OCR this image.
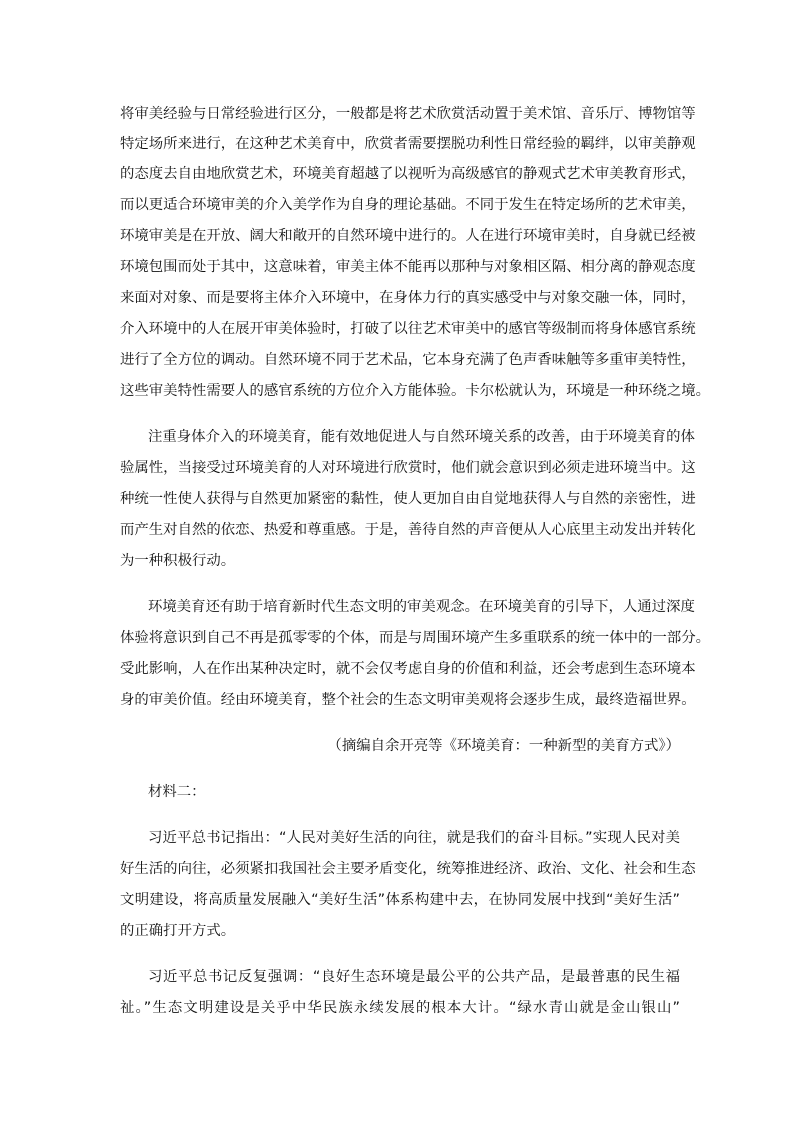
将审美经验与日常经验进行区分，一般都是将艺术欣赏活动置于美术馆、音乐厅、博物馆等
特定场所来进行，在这种艺术美育中，欣赏者需要摆脱功利性日常经验的羁绊，以审美静观
的态度去自由地欣赏艺术，环境美育超越了以视听为高级感官的静观式艺术审美教育形式，
而以更适合环境审美的介入美学作为自身的理论基础。不同于发生在特定场所的艺术审美，
环境审美是在开放、阔大和敞开的自然环境中进行的。人在进行环境审美时，自身就已经被
环境包围而处于其中，这意味着，审美主体不能再以那种与对象相区隔、相分离的静观态度
来面对对象、而是要将主体介入环境中，在身体力行的真实感受中与对象交融一体，同时，
介入环境中的人在展开审美体验时，打破了以往艺术审美中的感官等级制而将身体感官系统
进行了全方位的调动。自然环境不同于艺术品，它本身充满了色声香味触等多重审美特性，
这些审美特性需要人的感官系统的方位介入方能体验。卡尔松就认为，环境是一种环绕之境。
注重身体介入的环境美育，能有效地促进人与自然环境关系的改善，由于环境美育的体
验属性，当接受过环境美育的人对环境进行欣赏时，他们就会意识到必须走进环境当中。这
种统一性使人获得与自然更加紧密的黏性，使人更加自由自觉地获得人与自然的亲密性，进
而产生对自然的依恋、热爱和尊重感。于是，善待自然的声音便从人心底里主动发出并转化
为一种积极行动。
环境美育还有助于培育新时代生态文明的审美观念。在环境美育的引导下，人通过深度
体验将意识到自己不再是孤零零的个体，而是与周围环境产生多重联系的统一体中的一部分。
受此影响，人在作出某种决定时，就不会仅考虑自身的价值和利益，还会考虑到生态环境本
身的审美价值。经由环境美育，整个社会的生态文明审美观将会逐步生成，最终造福世界。
（摘编自余开亮等《环境美育：一种新型的美育方式》）
材料二：
习近平总书记指出：“人民对美好生活的向往，就是我们的奋斗目标。”实现人民对美
好生活的向往，必须紧扣我国社会主要矛盾变化，统筹推进经济、政治、文化、社会和生态
文明建设，将高质量发展融入“美好生活”体系构建中去，在协同发展中找到“美好生活”
的正确打开方式。
习近平总书记反复强调：“良好生态环境是最公平的公共产品，是最普惠的民生福
祉。”生态文明建设是关乎中华民族永续发展的根本大计。“绿水青山就是金山银山”
